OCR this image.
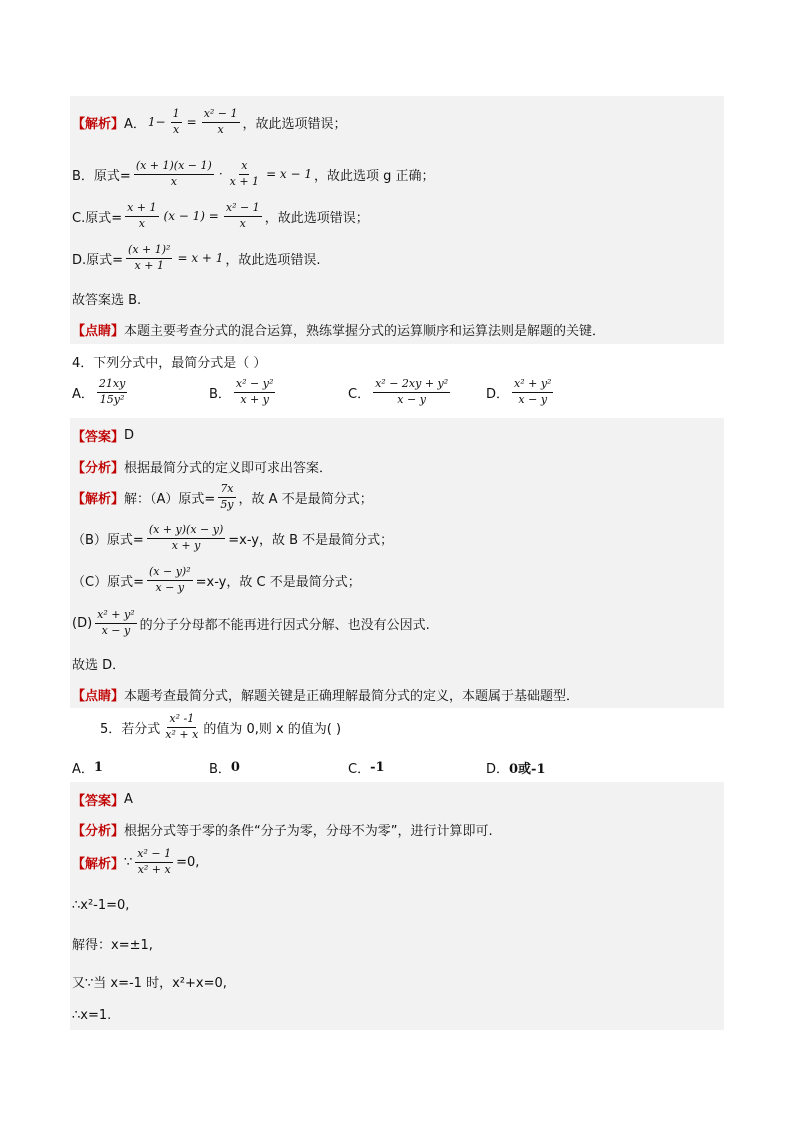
【解析】 A． $1- \frac{1}{x} = \frac{\text{x² − 1}}{x}$ ，故此选项错误；
B．原式= $\frac{(x + 1)(x - 1)}{x} \cdot \frac{x}{x + 1} = x - 1$ ，故此选项 g 正确；
C.原式= $\frac{x + 1}{x} (x - 1) = \frac{\text{x² − 1}}{x}$ ，故此选项错误；
D.原式= $\frac{\text{(x + 1)²}}{x + 1} = x + 1$ ，故此选项错误.
故答案选 B.
【点睛】 本题主要考查分式的混合运算，熟练掌握分式的运算顺序和运算法则是解题的关键．
4．下列分式中，最简分式是（ ）
A． $\frac{21xy}{\text{15y²}}$	B． $\frac{\text{x² − y²}}{x + y}$	C． $\frac{\text{x² − 2xy + y²}}{x - y}$	D． $\frac{\text{x² + y²}}{x - y}$
【答案】 D
【分析】 根据最简分式的定义即可求出答案．
【解析】 解：（A）原式= $\frac{7x}{5y}$ ，故 A 不是最简分式；
（B）原式= $\frac{(x + y)(x - y)}{x + y} =x-y$，故 B 不是最简分式；
（C）原式= $\frac{\text{(x − y)²}}{x - y} =x-y$，故 C 不是最简分式；
$(D) \frac{\text{x² + y²}}{x - y}$ 的分子分母都不能再进行因式分解、也没有公因式.
故选 D．
【点睛】 本题考查最简分式，解题关键是正确理解最简分式的定义，本题属于基础题型．
5．若分式 $\frac{\text{x² -1}}{\text{x² + x}}$ 的值为 0,则 x 的值为( )
A． 1	B． 0	C． -1	D． 0或-1
【答案】 A
【分析】 根据分式等于零的条件“分子为零，分母不为零”，进行计算即可.
【解析】 ∵ $\frac{\text{x² − 1}}{\text{x² + x}} =0$,
∴x²-1=0,
解得：x=±1,
又∵当 x=-1 时，x²+x=0,
∴x=1.
